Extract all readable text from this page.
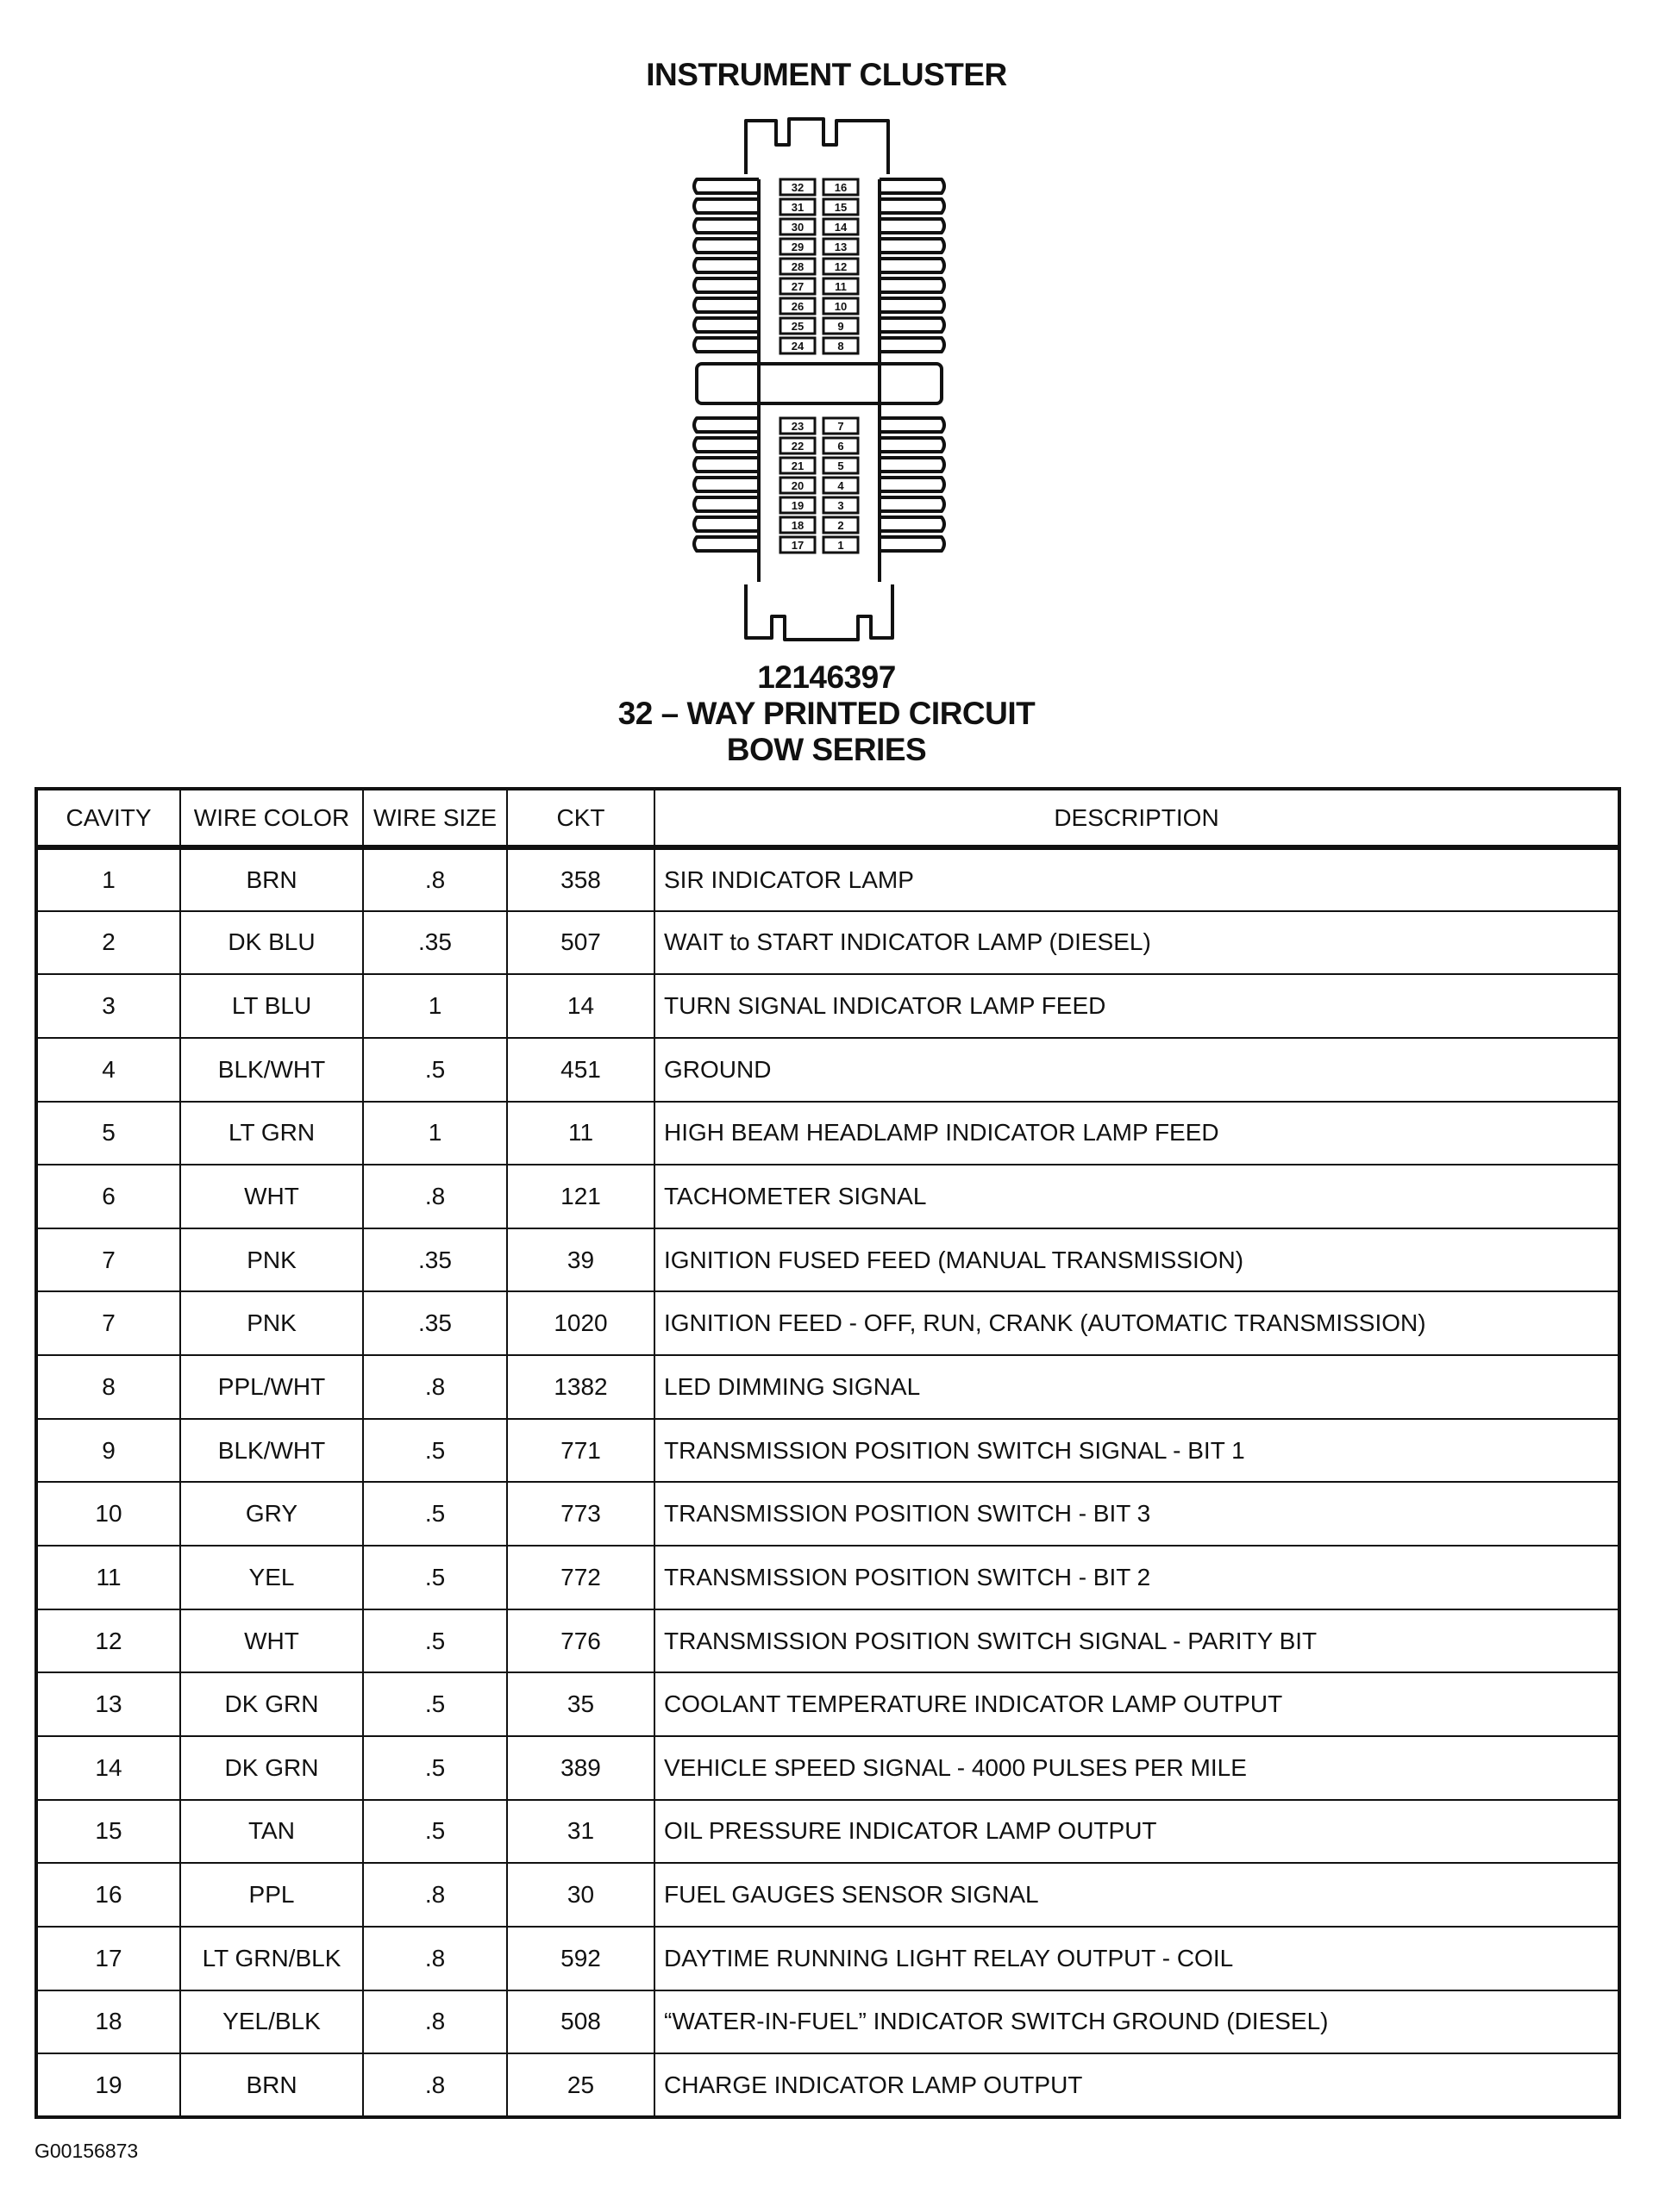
INSTRUMENT CLUSTER
32
31
30
29
28
27
26
25
24
16
15
14
13
12
11
10
9
8
23
22
21
20
19
18
17
7
6
5
4
3
2
1
12146397
32 – WAY PRINTED CIRCUIT
BOW SERIES
CAVITY	WIRE COLOR	WIRE SIZE	CKT	DESCRIPTION
1	BRN	.8	358	SIR INDICATOR LAMP
2	DK BLU	.35	507	WAIT to START INDICATOR LAMP (DIESEL)
3	LT BLU	1	14	TURN SIGNAL INDICATOR LAMP FEED
4	BLK/WHT	.5	451	GROUND
5	LT GRN	1	11	HIGH BEAM HEADLAMP INDICATOR LAMP FEED
6	WHT	.8	121	TACHOMETER SIGNAL
7	PNK	.35	39	IGNITION FUSED FEED (MANUAL TRANSMISSION)
7	PNK	.35	1020	IGNITION FEED - OFF, RUN, CRANK (AUTOMATIC TRANSMISSION)
8	PPL/WHT	.8	1382	LED DIMMING SIGNAL
9	BLK/WHT	.5	771	TRANSMISSION POSITION SWITCH SIGNAL - BIT 1
10	GRY	.5	773	TRANSMISSION POSITION SWITCH - BIT 3
11	YEL	.5	772	TRANSMISSION POSITION SWITCH - BIT 2
12	WHT	.5	776	TRANSMISSION POSITION SWITCH SIGNAL - PARITY BIT
13	DK GRN	.5	35	COOLANT TEMPERATURE INDICATOR LAMP OUTPUT
14	DK GRN	.5	389	VEHICLE SPEED SIGNAL - 4000 PULSES PER MILE
15	TAN	.5	31	OIL PRESSURE INDICATOR LAMP OUTPUT
16	PPL	.8	30	FUEL GAUGES SENSOR SIGNAL
17	LT GRN/BLK	.8	592	DAYTIME RUNNING LIGHT RELAY OUTPUT - COIL
18	YEL/BLK	.8	508	“WATER-IN-FUEL” INDICATOR SWITCH GROUND (DIESEL)
19	BRN	.8	25	CHARGE INDICATOR LAMP OUTPUT
G00156873
